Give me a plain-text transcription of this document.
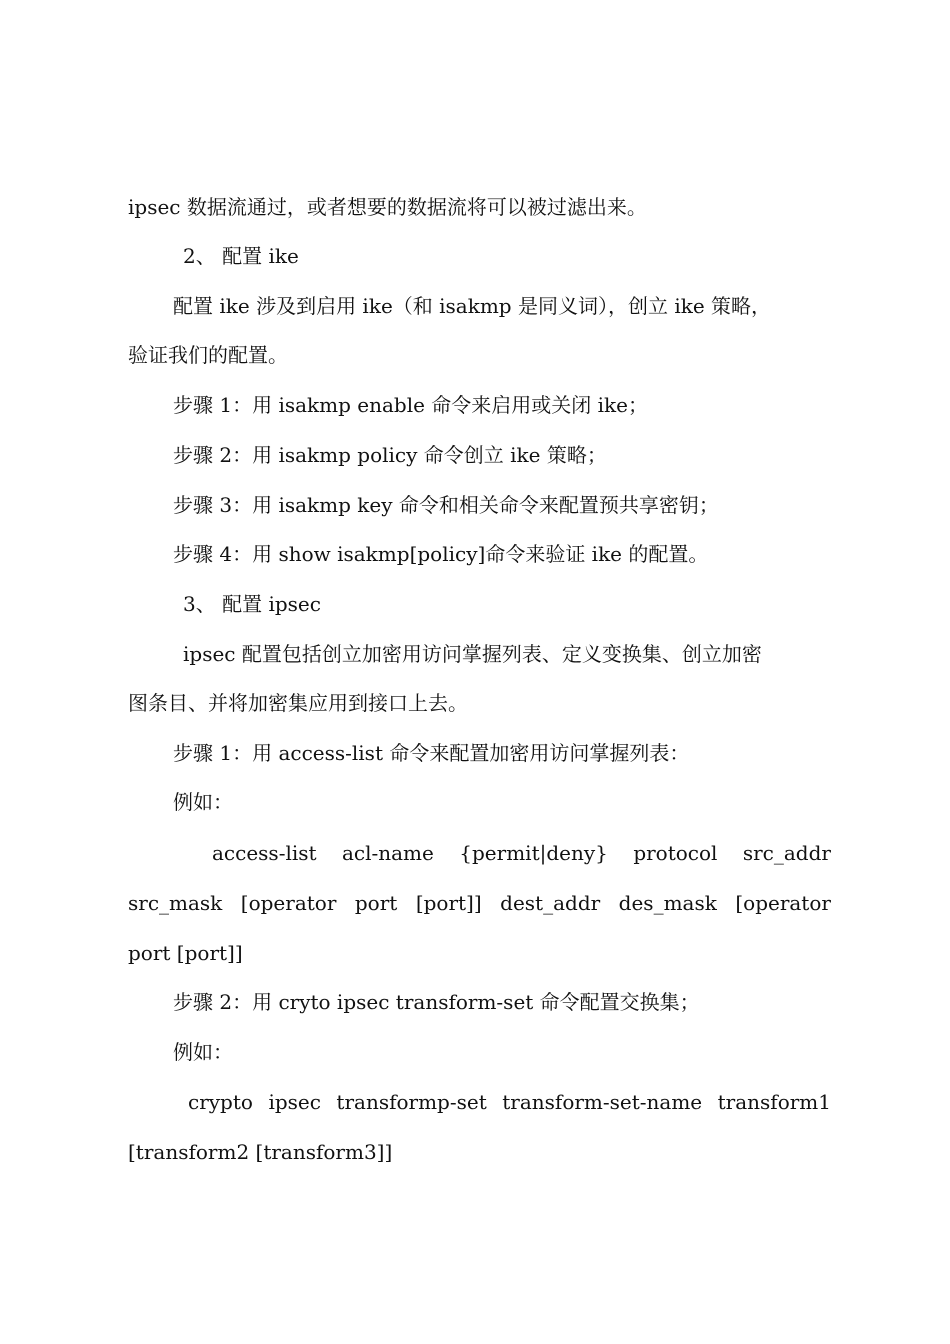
ipsec 数据流通过，或者想要的数据流将可以被过滤出来。
2、 配置 ike
配置 ike 涉及到启用 ike（和 isakmp 是同义词），创立 ike 策略，
验证我们的配置。
步骤 1：用 isakmp enable 命令来启用或关闭 ike；
步骤 2：用 isakmp policy 命令创立 ike 策略；
步骤 3：用 isakmp key 命令和相关命令来配置预共享密钥；
步骤 4：用 show isakmp[policy]命令来验证 ike 的配置。
3、 配置 ipsec
ipsec 配置包括创立加密用访问掌握列表、定义变换集、创立加密
图条目、并将加密集应用到接口上去。
步骤 1：用 access-list 命令来配置加密用访问掌握列表：
例如：
access-list acl-name {permit|deny} protocol src_addr
src_mask [operator port [port]] dest_addr des_mask [operator
port [port]]
步骤 2：用 cryto ipsec transform-set 命令配置交换集；
例如：
crypto ipsec transformp-set transform-set-name transform1
[transform2 [transform3]]
